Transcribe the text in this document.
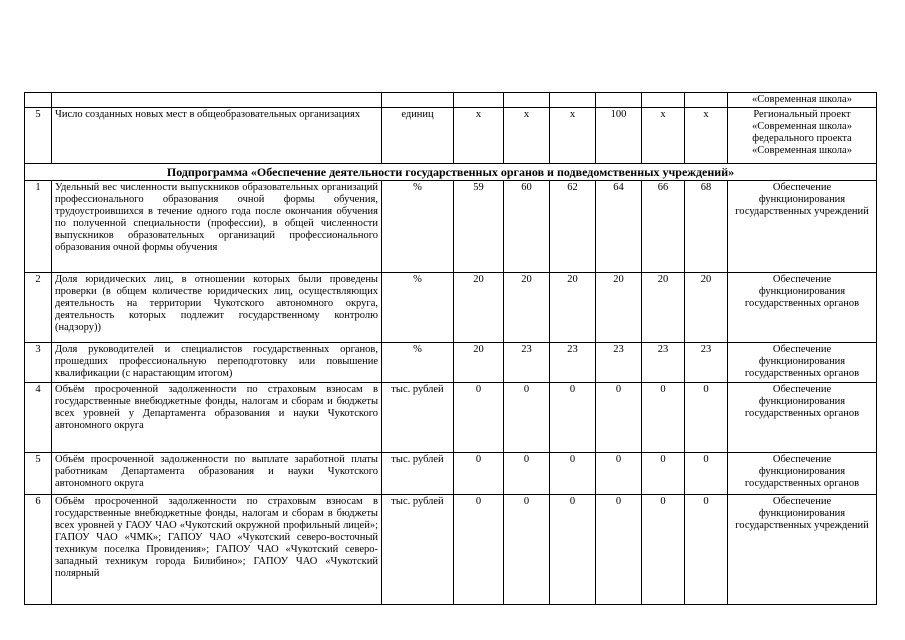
									«Современная школа»
5	Число созданных новых мест в общеобразовательных организациях	единиц	х	х	х	100	х	х	Региональный проект «Современная школа» федерального проекта «Современная школа»
Подпрограмма «Обеспечение деятельности государственных органов и подведомственных учреждений»									
1	Удельный вес численности выпускников образовательных организаций профессионального образования очной формы обучения, трудоустроившихся в течение одного года после окончания обучения по полученной специальности (профессии), в общей численности выпускников образовательных организаций профессионального образования очной формы обучения	%	59	60	62	64	66	68	Обеспечение функционирования государственных учреждений
2	Доля юридических лиц, в отношении которых были проведены проверки (в общем количестве юридических лиц, осуществляющих деятельность на территории Чукотского автономного округа, деятельность которых подлежит государственному контролю (надзору))	%	20	20	20	20	20	20	Обеспечение функционирования государственных органов
3	Доля руководителей и специалистов государственных органов, прошедших профессиональную переподготовку или повышение квалификации (с нарастающим итогом)	%	20	23	23	23	23	23	Обеспечение функционирования государственных органов
4	Объём просроченной задолженности по страховым взносам в государственные внебюджетные фонды, налогам и сборам и бюджеты всех уровней у Департамента образования и науки Чукотского автономного округа	тыс. рублей	0	0	0	0	0	0	Обеспечение функционирования государственных органов
5	Объём просроченной задолженности по выплате заработной платы работникам Департамента образования и науки Чукотского автономного округа	тыс. рублей	0	0	0	0	0	0	Обеспечение функционирования государственных органов
6	Объём просроченной задолженности по страховым взносам в государственные внебюджетные фонды, налогам и сборам в бюджеты всех уровней у ГАОУ ЧАО «Чукотский окружной профильный лицей»; ГАПОУ ЧАО «ЧМК»; ГАПОУ ЧАО «Чукотский северо-восточный техникум поселка Провидения»; ГАПОУ ЧАО «Чукотский северо-западный техникум города Билибино»; ГАПОУ ЧАО «Чукотский полярный	тыс. рублей	0	0	0	0	0	0	Обеспечение функционирования государственных учреждений
